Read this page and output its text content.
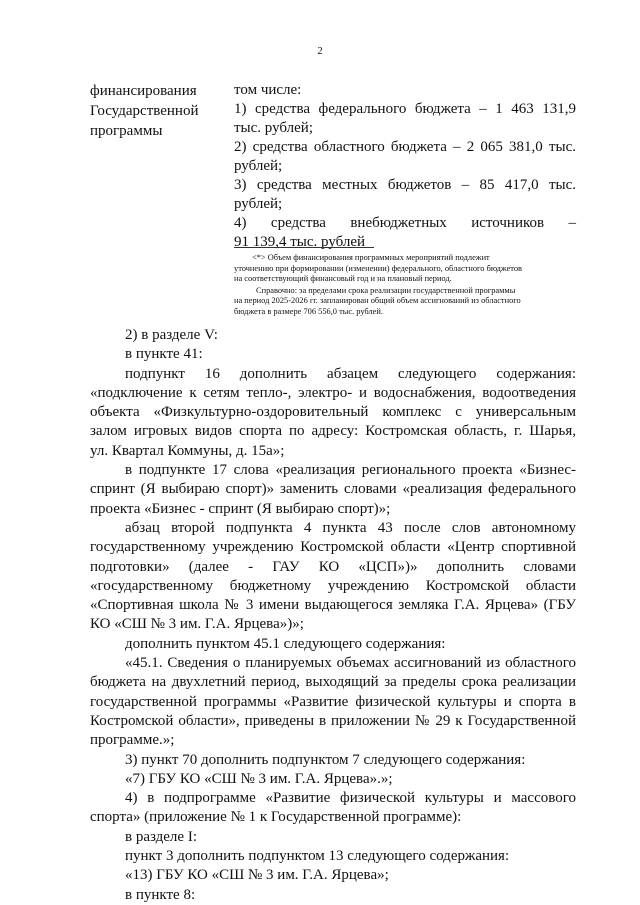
2
финансирования
Государственной
программы
том числе:
1) средства федерального бюджета – 1 463 131,9
тыс. рублей;
2) средства областного бюджета – 2 065 381,0 тыс.
рублей;
3) средства местных бюджетов – 85 417,0 тыс.
рублей;
4) средства внебюджетных источников –
91 139,4 тыс. рублей
<*> Объем финансирования программных мероприятий подлежит
уточнению при формировании (изменении) федерального, областного бюджетов
на соответствующий финансовый год и на плановый период.
Справочно: за пределами срока реализации государственной программы
на период 2025-2026 гг. запланирован общий объем ассигнований из областного
бюджета в размере 706 556,0 тыс. рублей.
2) в разделе V:
в пункте 41:
подпункт 16 дополнить абзацем следующего содержания:
«подключение к сетям тепло-, электро- и водоснабжения, водоотведения
объекта «Физкультурно-оздоровительный комплекс с универсальным
залом игровых видов спорта по адресу: Костромская область, г. Шарья,
ул. Квартал Коммуны, д. 15а»;
в подпункте 17 слова «реализация регионального проекта «Бизнес-
спринт (Я выбираю спорт)» заменить словами «реализация федерального
проекта «Бизнес - спринт (Я выбираю спорт)»;
абзац второй подпункта 4 пункта 43 после слов автономному
государственному учреждению Костромской области «Центр спортивной
подготовки» (далее - ГАУ КО «ЦСП»)» дополнить словами
«государственному бюджетному учреждению Костромской области
«Спортивная школа № 3 имени выдающегося земляка Г.А. Ярцева» (ГБУ
КО «СШ № 3 им. Г.А. Ярцева»)»;
дополнить пунктом 45.1 следующего содержания:
«45.1. Сведения о планируемых объемах ассигнований из областного
бюджета на двухлетний период, выходящий за пределы срока реализации
государственной программы «Развитие физической культуры и спорта в
Костромской области», приведены в приложении № 29 к Государственной
программе.»;
3) пункт 70 дополнить подпунктом 7 следующего содержания:
«7) ГБУ КО «СШ № 3 им. Г.А. Ярцева».»;
4) в подпрограмме «Развитие физической культуры и массового
спорта» (приложение № 1 к Государственной программе):
в разделе I:
пункт 3 дополнить подпунктом 13 следующего содержания:
«13) ГБУ КО «СШ № 3 им. Г.А. Ярцева»;
в пункте 8:
